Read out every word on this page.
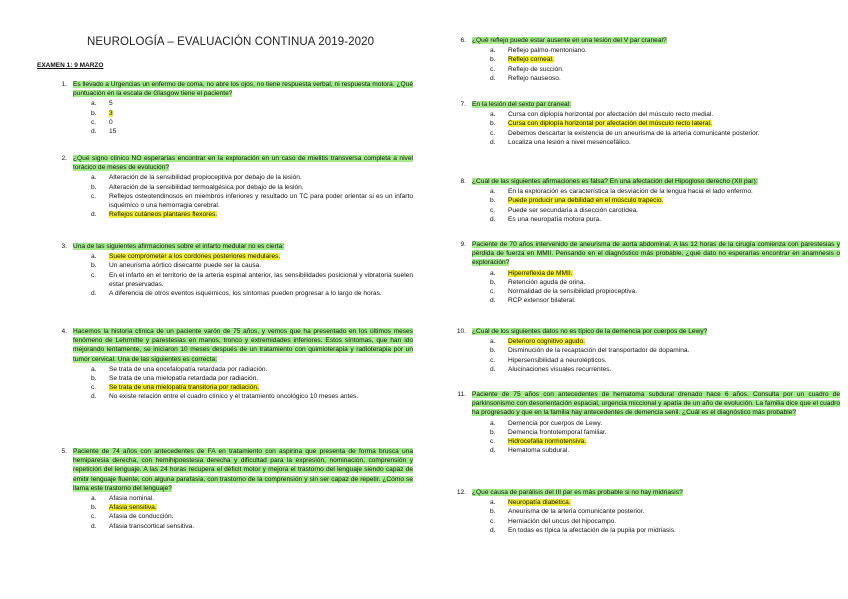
NEUROLOGÍA – EVALUACIÓN CONTINUA 2019-2020
EXAMEN 1: 9 MARZO
1. Es llevado a Urgencias un enfermo de coma, no abre los ojos, no tiene respuesta verbal, ni respuesta motora. ¿Qué puntuación en la escala de Glasgow tiene el paciente?
a.	5
b.	3
c.	0
d.	15
2. ¿Qué signo clínico NO esperarías encontrar en la exploración en un caso de mielitis transversa completa a nivel torácico de meses de evolución?
a.	Alteración de la sensibilidad propioceptiva por debajo de la lesión.
b.	Alteración de la sensibilidad termoalgésica por debajo de la lesión.
c.	Reflejos osteotendinosos en miembros inferiores y resultado un TC para poder orientar si es un infarto isquémico o una hemorragia cerebral.
d.	Reflejos cutáneos plantares flexores.
3. Una de las siguientes afirmaciones sobre el infarto medular no es cierta:
a.	Suele comprometer a los cordones posteriores medulares.
b.	Un aneurisma aórtico disecante puede ser la causa.
c.	En el infarto en el territorio de la arteria espinal anterior, las sensibilidades posicional y vibratoria suelen estar preservadas.
d.	A diferencia de otros eventos isquémicos, los síntomas pueden progresar a lo largo de horas.
4. Hacemos la historia clínica de un paciente varón de 75 años, y vemos que ha presentado en los últimos meses fenómeno de Lehrmitte y parestesias en manos, tronco y extremidades inferiores. Estos síntomas, que han ido mejorando lentamente, se iniciaron 10 meses después de un tratamiento con quimioterapia y radioterapia por un tumor cervical. Una de las siguientes es correcta:
a.	Se trata de una encefalopatía retardada por radiación.
b.	Se trata de una mielopatía retardada por radiación.
c.	Se trata de una mielopatía transitoria por radiación.
d.	No existe relación entre el cuadro clínico y el tratamiento oncológico 10 meses antes.
5. Paciente de 74 años con antecedentes de FA en tratamiento con aspirina que presenta de forma brusca una hemiparesia derecha, con hemihipoestesia derecha y dificultad para la expresión, nominación, comprensión y repetición del lenguaje. A las 24 horas recupera el déficit motor y mejora el trastorno del lenguaje siendo capaz de emitir lenguaje fluente, con alguna parafasia, con trastorno de la comprensión y sin ser capaz de repetir. ¿Cómo se llama este trastorno del lenguaje?
a.	Afasia nominal.
b.	Afasia sensitiva.
c.	Afasia de conducción.
d.	Afasia transcortical sensitiva.
6. ¿Qué reflejo puede estar ausente en una lesión del V par craneal?
a.	Reflejo palmo-mentoniano.
b.	Reflejo corneal.
c.	Reflejo de succión.
d.	Reflejo nauseoso.
7. En la lesión del sexto par craneal:
a.	Cursa con diplopía horizontal por afectación del músculo recto medial.
b.	Cursa con diplopía horizontal por afectación del músculo recto lateral.
c.	Debemos descartar la existencia de un aneurisma de la arteria comunicante posterior.
d.	Localiza una lesión a nivel mesencefálico.
8. ¿Cuál de las siguientes afirmaciones es falsa? En una afectación del Hipogloso derecho (XII par):
a.	En la exploración es característica la desviación de la lengua hacia el lado enfermo.
b.	Puede producir una debilidad en el músculo trapecio.
c.	Puede ser secundaria a disección carotídea.
d.	Es una neuropatía motora pura.
9. Paciente de 70 años intervenido de aneurisma de aorta abdominal. A las 12 horas de la cirugía comienza con parestesias y pérdida de fuerza en MMII. Pensando en el diagnóstico más probable, ¿qué dato no esperarías encontrar en anamnesis o exploración?
a.	Hiperreflexia de MMII.
b.	Retención aguda de orina.
c.	Normalidad de la sensibilidad propioceptiva.
d.	RCP extensor bilateral.
10. ¿Cuál de los siguientes datos no es típico de la demencia por cuerpos de Lewy?
a.	Deterioro cognitivo agudo.
b.	Disminución de la recaptación del transportador de dopamina.
c.	Hipersensibilidad a neurolépticos.
d.	Alucinaciones visuales recurrentes.
11. Paciente de 75 años con antecedentes de hematoma subdural drenado hace 6 años. Consulta por un cuadro de parkinsonismo con desorientación espacial, urgencia miccional y apatía de un año de evolución. La familia dice que el cuadro ha progresado y que en la familia hay antecedentes de demencia senil. ¿Cuál es el diagnóstico más probable?
a.	Demencia por cuerpos de Lewy.
b.	Demencia frontotemporal familiar.
c.	Hidrocefalia normotensiva.
d.	Hematoma subdural.
12. ¿Qué causa de parálisis del III par es más probable si no hay midriasis?
a.	Neuropatía diabética.
b.	Aneurisma de la arteria comunicante posterior.
c.	Herniación del uncus del hipocampo.
d.	En todas es típica la afectación de la pupila por midriasis.
